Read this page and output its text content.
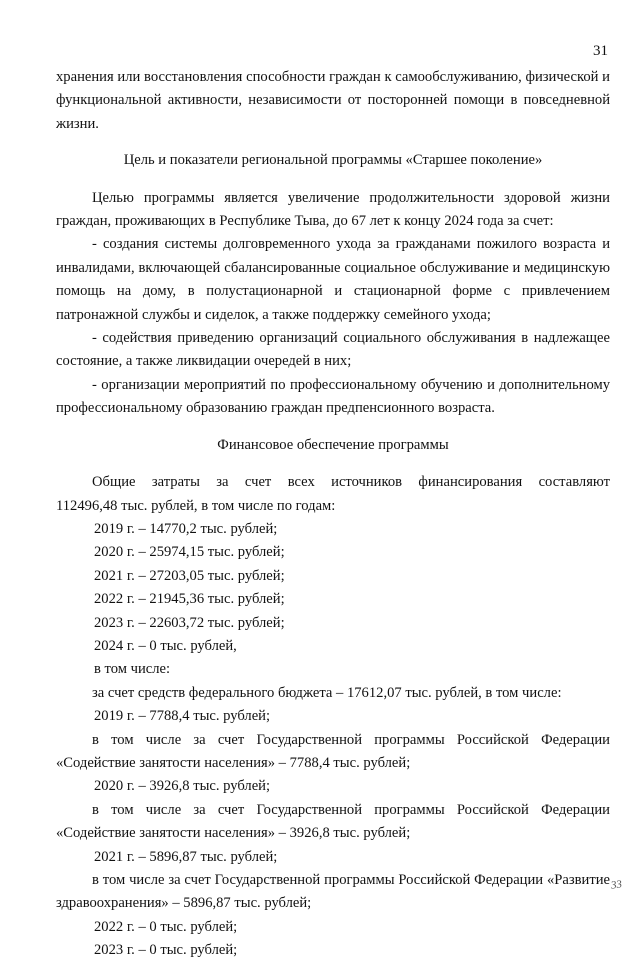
31

хранения или восстановления способности граждан к самообслуживанию, физической и функциональной активности, независимости от посторонней помощи в повседневной жизни.

Цель и показатели региональной программы «Старшее поколение»

Целью программы является увеличение продолжительности здоровой жизни граждан, проживающих в Республике Тыва, до 67 лет к концу 2024 года за счет:

- создания системы долговременного ухода за гражданами пожилого возраста и инвалидами, включающей сбалансированные социальное обслуживание и медицинскую помощь на дому, в полустационарной и стационарной форме с привлечением патронажной службы и сиделок, а также поддержку семейного ухода;

- содействия приведению организаций социального обслуживания в надлежащее состояние, а также ликвидации очередей в них;

- организации мероприятий по профессиональному обучению и дополнительному профессиональному образованию граждан предпенсионного возраста.

Финансовое обеспечение программы

Общие затраты за счет всех источников финансирования составляют

112496,48 тыс. рублей, в том числе по годам:

2019 г. – 14770,2 тыс. рублей;

2020 г. – 25974,15 тыс. рублей;

2021 г. – 27203,05 тыс. рублей;

2022 г. – 21945,36 тыс. рублей;

2023 г. – 22603,72 тыс. рублей;

2024 г. – 0 тыс. рублей,

в том числе:

за счет средств федерального бюджета – 17612,07 тыс. рублей, в том числе:

2019 г. – 7788,4 тыс. рублей;

в том числе за счет Государственной программы Российской Федерации «Содействие занятости населения» – 7788,4 тыс. рублей;

2020 г. – 3926,8 тыс. рублей;

в том числе за счет Государственной программы Российской Федерации «Содействие занятости населения» – 3926,8 тыс. рублей;

2021 г. – 5896,87 тыс. рублей;

в том числе за счет Государственной программы Российской Федерации «Развитие здравоохранения» – 5896,87 тыс. рублей;

2022 г. – 0 тыс. рублей;

2023 г. – 0 тыс. рублей;

33
